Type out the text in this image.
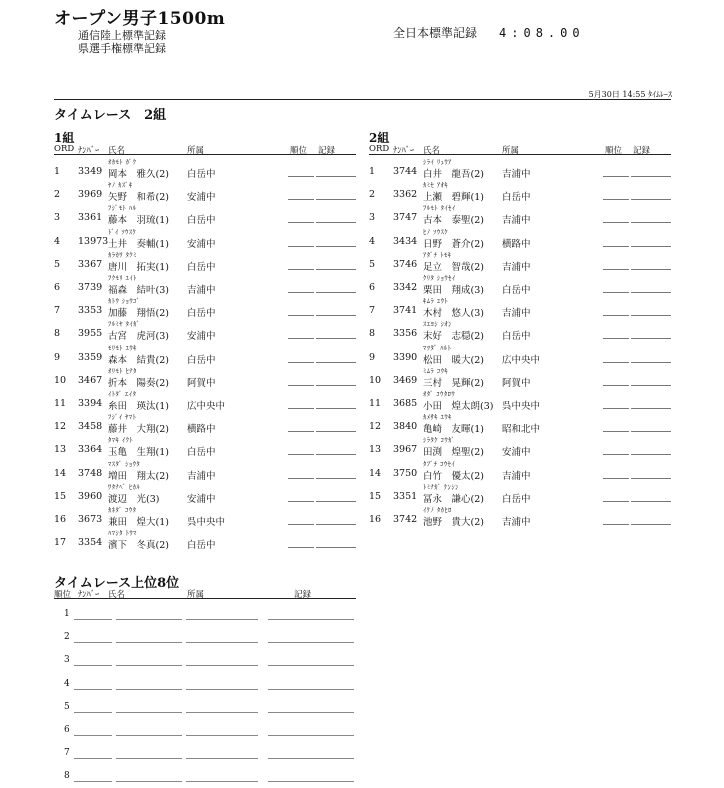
オープン男子1500m
通信陸上標準記録
県選手権標準記録
全日本標準記録 4:08.00
5月30日 14:55 ﾀｲﾑﾚｰｽ
タイムレース　2組
1組
ORD ﾅﾝﾊﾞｰ 氏名	所属	順位 記録
ｵｶﾓﾄ ｶﾞｸ
1 3349 岡本　雅久(2) 白岳中
ﾔﾉ ｶｽﾞｷ
2 3969 矢野　和希(2) 安浦中
ﾌｼﾞﾓﾄ ﾊﾙ
3 3361 藤本　羽琉(1) 白岳中
ﾄﾞｲ ｿｳｽｹ
4 13973 土井　奏輔(1) 安浦中
ｶﾗｶﾜ ﾀｸﾐ
5 3367 唐川　拓実(1) 白岳中
ﾌｸﾓﾘ ﾕｲﾄ
6 3739 福森　結叶(3) 吉浦中
ｶﾄｳ ｼｮｳｺﾞ
7 3353 加藤　翔悟(2) 白岳中
ﾌﾙﾐﾔ ﾀｲｶﾞ
8 3955 古宮　虎河(3) 安浦中
ﾓﾘﾓﾄ ﾕｳｷ
9 3359 森本　結貴(2) 白岳中
ｵﾘﾓﾄ ﾋﾅﾀ
10 3467 折本　陽奏(2) 阿賀中
ｲﾄﾀﾞ ｴｲﾀ
11 3394 糸田　瑛汰(1) 広中央中
ﾌｼﾞｲ ﾔﾏﾄ
12 3458 藤井　大翔(2) 横路中
ﾀﾏｷ ｲｸﾄ
13 3364 玉亀　生翔(1) 白岳中
ﾏｽﾀﾞ ｼｮｳﾀ
14 3748 増田　翔太(2) 吉浦中
ﾜﾀﾅﾍﾞ ﾋｶﾙ
15 3960 渡辺　光(3)	安浦中
ｶﾈﾀﾞ ｺｳﾀ
16 3673 兼田　煌大(1) 呉中央中
ﾊﾏｼﾀ ﾄｳﾏ
17 3354 濱下　冬真(2) 白岳中
2組
ORD ﾅﾝﾊﾞｰ 氏名	所属	順位 記録
ｼﾗｲ ﾘｭｳｱ
1 3744 白井　龍吾(2) 吉浦中
ｶﾐｾ ｱｵｷ
2 3362 上瀬　碧輝(1) 白岳中
ﾌﾙﾓﾄ ﾀｲｾｲ
3 3747 古本　泰聖(2) 吉浦中
ﾋﾉ ｿｳｽｹ
4 3434 日野　蒼介(2) 横路中
ｱﾀﾞﾁ ﾄﾓｷ
5 3746 足立　智哉(2) 吉浦中
ｸﾘﾀ ｼｮｳｾｲ
6 3342 栗田　翔成(3) 白岳中
ｷﾑﾗ ﾕｳﾄ
7 3741 木村　悠人(3) 吉浦中
ｽｴﾖｼ ｼｵﾝ
8 3356 末好　志穏(2) 白岳中
ﾏﾂﾀﾞ ﾊﾙﾄ
9 3390 松田　暖大(2) 広中央中
ﾐﾑﾗ ｺｳｷ
10 3469 三村　晃輝(2) 阿賀中
ｵﾀﾞ ｺｳﾀﾛｳ
11 3685 小田　煌太朗(3) 呉中央中
ｶﾒｻｷ ﾕｳｷ
12 3840 亀崎　友暉(1) 昭和北中
ｼﾗﾀｹ ｺｳｶﾞ
13 3967 田渕　煌聖(2) 安浦中
ﾀﾌﾞﾁ ｺｳｾｲ
14 3750 白竹　優太(2) 吉浦中
ﾄﾐﾅｶﾞ ｹﾝｼﾝ
15 3351 冨永　謙心(2) 白岳中
ｲｹﾉ ﾀｶﾋﾛ
16 3742 池野　貴大(2) 吉浦中
タイムレース上位8位
順位 ﾅﾝﾊﾞｰ 氏名	所属	記録
1
2
3
4
5
6
7
8
